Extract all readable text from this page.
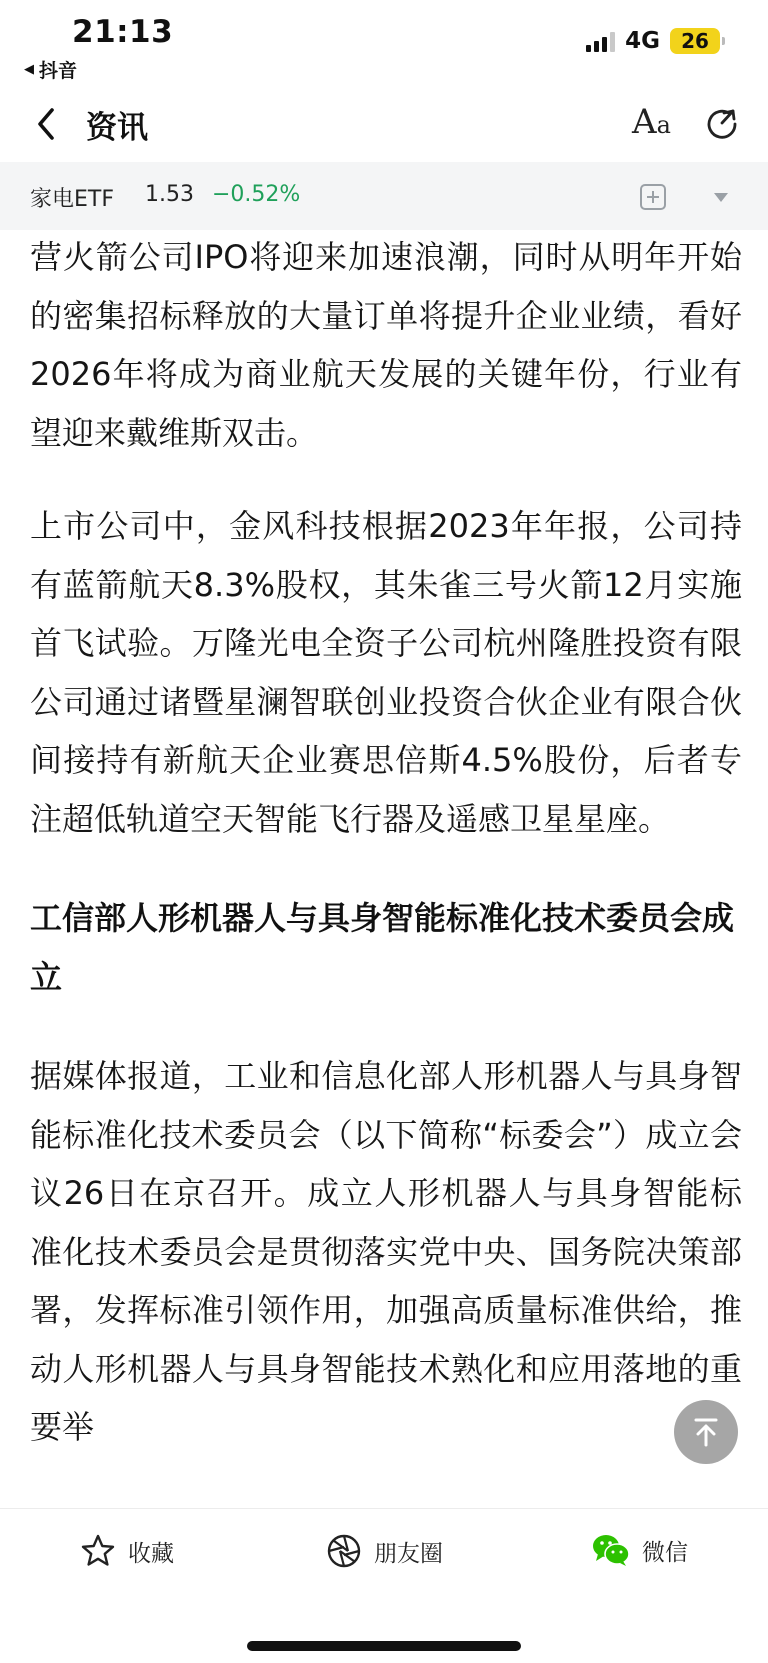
21:13
◀ 抖音
4G 26
资讯	Aa
家电ETF 1.53 −0.52%

营火箭公司IPO将迎来加速浪潮，同时从明年开始的密集招标释放的大量订单将提升企业业绩，看好2026年将成为商业航天发展的关键年份，行业有望迎来戴维斯双击。

上市公司中，金风科技根据2023年年报，公司持有蓝箭航天8.3%股权，其朱雀三号火箭12月实施首飞试验。万隆光电全资子公司杭州隆胜投资有限公司通过诸暨星澜智联创业投资合伙企业有限合伙间接持有新航天企业赛思倍斯4.5%股份，后者专注超低轨道空天智能飞行器及遥感卫星星座。

工信部人形机器人与具身智能标准化技术委员会成立

据媒体报道，工业和信息化部人形机器人与具身智能标准化技术委员会（以下简称“标委会”）成立会议26日在京召开。成立人形机器人与具身智能标准化技术委员会是贯彻落实党中央、国务院决策部署，发挥标准引领作用，加强高质量标准供给，推动人形机器人与具身智能技术熟化和应用落地的重要举

收藏	朋友圈	微信
